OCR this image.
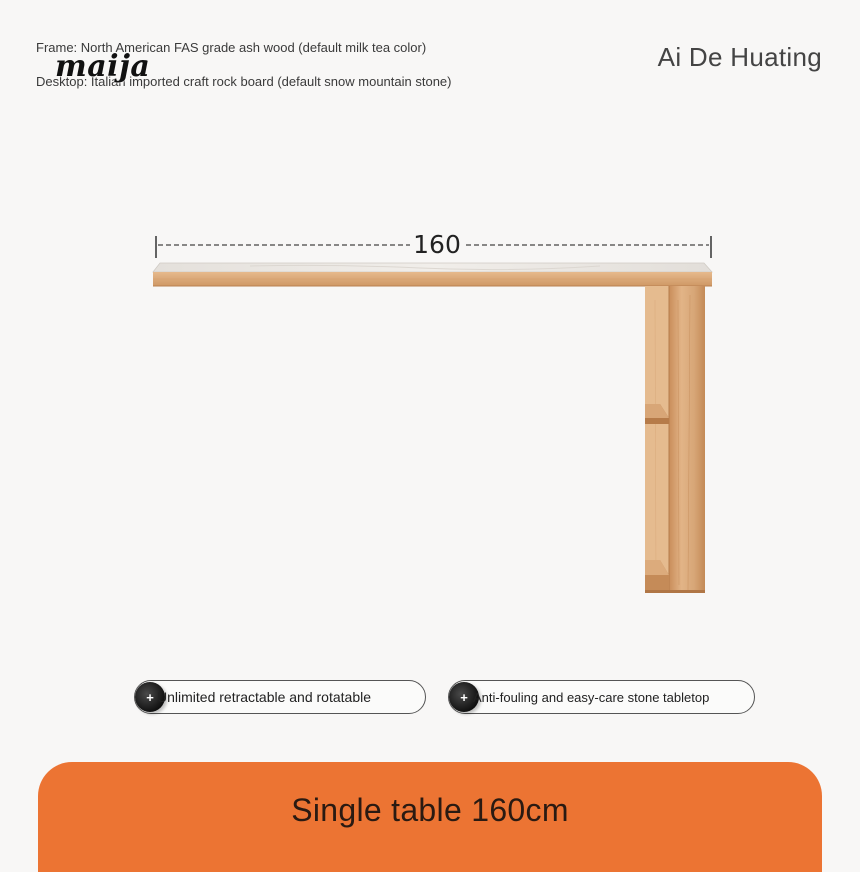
Frame: North American FAS grade ash wood (default milk tea color)
Desktop: Italian imported craft rock board (default snow mountain stone)
maija	Ai De Huating
160
+ Unlimited retractable and rotatable	+ Anti-fouling and easy-care stone tabletop
Single table 160cm
